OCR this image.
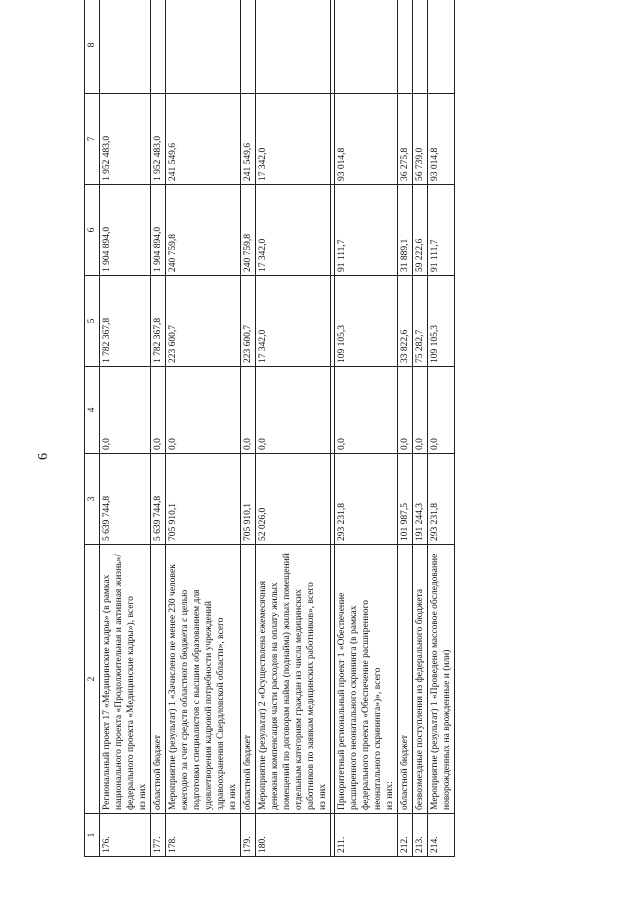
6
1	2	3	4	5	6	7	8
176.	Региональный проект 17 «Медицинские кадры» (в рамках национального проекта «Продолжительная и активная жизнь»/федерального проекта «Медицинские кадры»), всего из них	5 639 744,8	0,0	1 782 367,8	1 904 894,0	1 952 483,0	
177.	областной бюджет	5 639 744,8	0,0	1 782 367,8	1 904 894,0	1 952 483,0	
178.	Мероприятие (результат) 1 «Зачислено не менее 230 человек ежегодно за счет средств областного бюджета с целью подготовки специалистов с высшим образованием для удовлетворения кадровой потребности учреждений здравоохранения Свердловской области», всего из них	705 910,1	0,0	223 600,7	240 759,8	241 549,6	
179.	областной бюджет	705 910,1	0,0	223 600,7	240 759,8	241 549,6	
180.	Мероприятие (результат) 2 «Осуществлена ежемесячная денежная компенсация части расходов на оплату жилых помещений по договорам найма (поднайма) жилых помещений отдельным категориям граждан из числа медицинских работников по заявкам медицинских работников», всего из них	52 026,0	0,0	17 342,0	17 342,0	17 342,0	

211.	Приоритетный региональный проект 1 «Обеспечение расширенного неонатального скрининга (в рамках федерального проекта «Обеспечение расширенного неонатального скрининга»)», всего из них:	293 231,8	0,0	109 105,3	91 111,7	93 014,8	
212.	областной бюджет	101 987,5	0,0	33 822,6	31 889,1	36 275,8	
213.	безвозмездные поступления из федерального бюджета	191 244,3	0,0	75 282,7	59 222,6	56 739,0	
214.	Мероприятие (результат) 1 «Проведено массовое обследование новорожденных на врожденные и (или)	293 231,8	0,0	109 105,3	91 111,7	93 014,8	
